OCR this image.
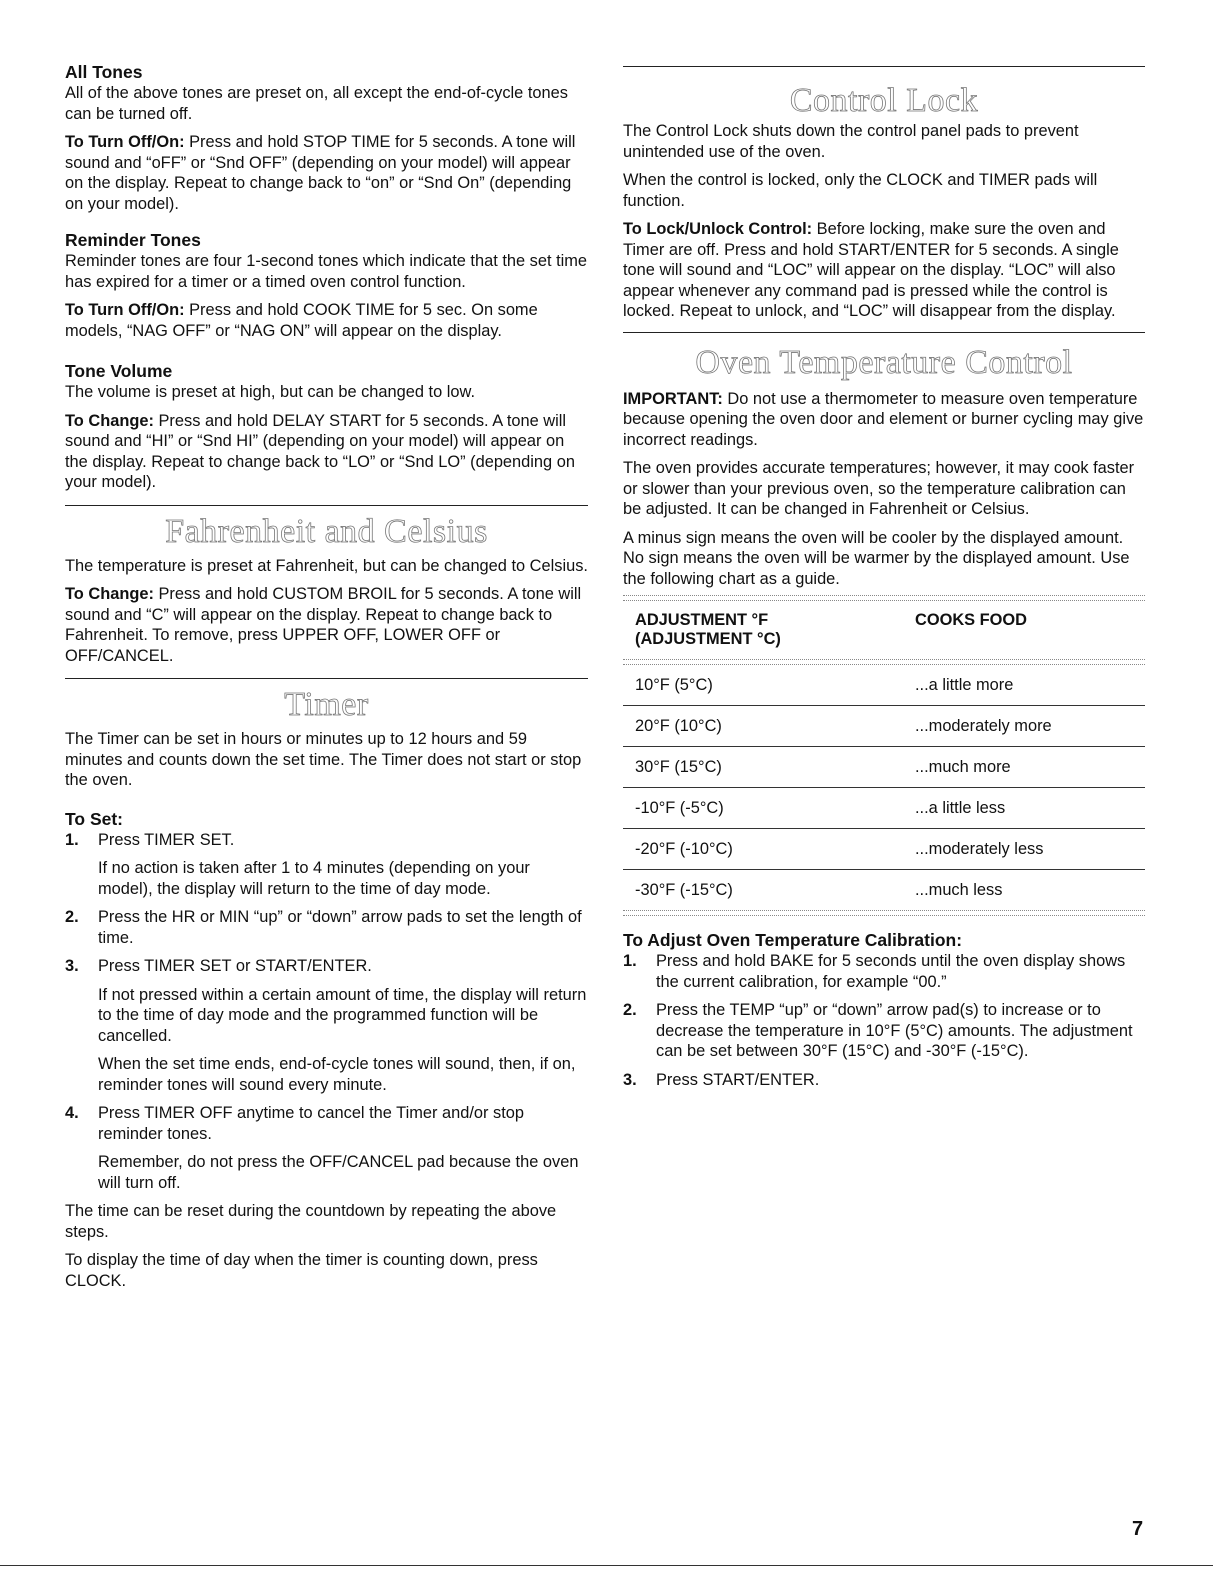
All Tones

All of the above tones are preset on, all except the end-of-cycle tones can be turned off.

To Turn Off/On: Press and hold STOP TIME for 5 seconds. A tone will sound and “oFF” or “Snd OFF” (depending on your model) will appear on the display. Repeat to change back to “on” or “Snd On” (depending on your model).

Reminder Tones

Reminder tones are four 1-second tones which indicate that the set time has expired for a timer or a timed oven control function.

To Turn Off/On: Press and hold COOK TIME for 5 sec. On some models, “NAG OFF” or “NAG ON” will appear on the display.

Tone Volume

The volume is preset at high, but can be changed to low.

To Change: Press and hold DELAY START for 5 seconds. A tone will sound and “HI” or “Snd HI” (depending on your model) will appear on the display. Repeat to change back to “LO” or “Snd LO” (depending on your model).

Fahrenheit and Celsius

The temperature is preset at Fahrenheit, but can be changed to Celsius.

To Change: Press and hold CUSTOM BROIL for 5 seconds. A tone will sound and “C” will appear on the display. Repeat to change back to Fahrenheit. To remove, press UPPER OFF, LOWER OFF or OFF/CANCEL.

Timer

The Timer can be set in hours or minutes up to 12 hours and 59 minutes and counts down the set time. The Timer does not start or stop the oven.

To Set:
1. Press TIMER SET.

If no action is taken after 1 to 4 minutes (depending on your model), the display will return to the time of day mode.

2. Press the HR or MIN “up” or “down” arrow pads to set the length of time.
3. Press TIMER SET or START/ENTER.

If not pressed within a certain amount of time, the display will return to the time of day mode and the programmed function will be cancelled.

When the set time ends, end-of-cycle tones will sound, then, if on, reminder tones will sound every minute.

4. Press TIMER OFF anytime to cancel the Timer and/or stop reminder tones.

Remember, do not press the OFF/CANCEL pad because the oven will turn off.

The time can be reset during the countdown by repeating the above steps.

To display the time of day when the timer is counting down, press CLOCK.

Control Lock

The Control Lock shuts down the control panel pads to prevent unintended use of the oven.

When the control is locked, only the CLOCK and TIMER pads will function.

To Lock/Unlock Control: Before locking, make sure the oven and Timer are off. Press and hold START/ENTER for 5 seconds. A single tone will sound and “LOC” will appear on the display. “LOC” will also appear whenever any command pad is pressed while the control is locked. Repeat to unlock, and “LOC” will disappear from the display.

Oven Temperature Control

IMPORTANT: Do not use a thermometer to measure oven temperature because opening the oven door and element or burner cycling may give incorrect readings.

The oven provides accurate temperatures; however, it may cook faster or slower than your previous oven, so the temperature calibration can be adjusted. It can be changed in Fahrenheit or Celsius.

A minus sign means the oven will be cooler by the displayed amount. No sign means the oven will be warmer by the displayed amount. Use the following chart as a guide.

ADJUSTMENT °F
(ADJUSTMENT °C)	COOKS FOOD
10°F (5°C)	...a little more
20°F (10°C)	...moderately more
30°F (15°C)	...much more
-10°F (-5°C)	...a little less
-20°F (-10°C)	...moderately less
-30°F (-15°C)	...much less
To Adjust Oven Temperature Calibration:
1. Press and hold BAKE for 5 seconds until the oven display shows the current calibration, for example “00.”
2. Press the TEMP “up” or “down” arrow pad(s) to increase or to decrease the temperature in 10°F (5°C) amounts. The adjustment can be set between 30°F (15°C) and -30°F (-15°C).
3. Press START/ENTER.
7
